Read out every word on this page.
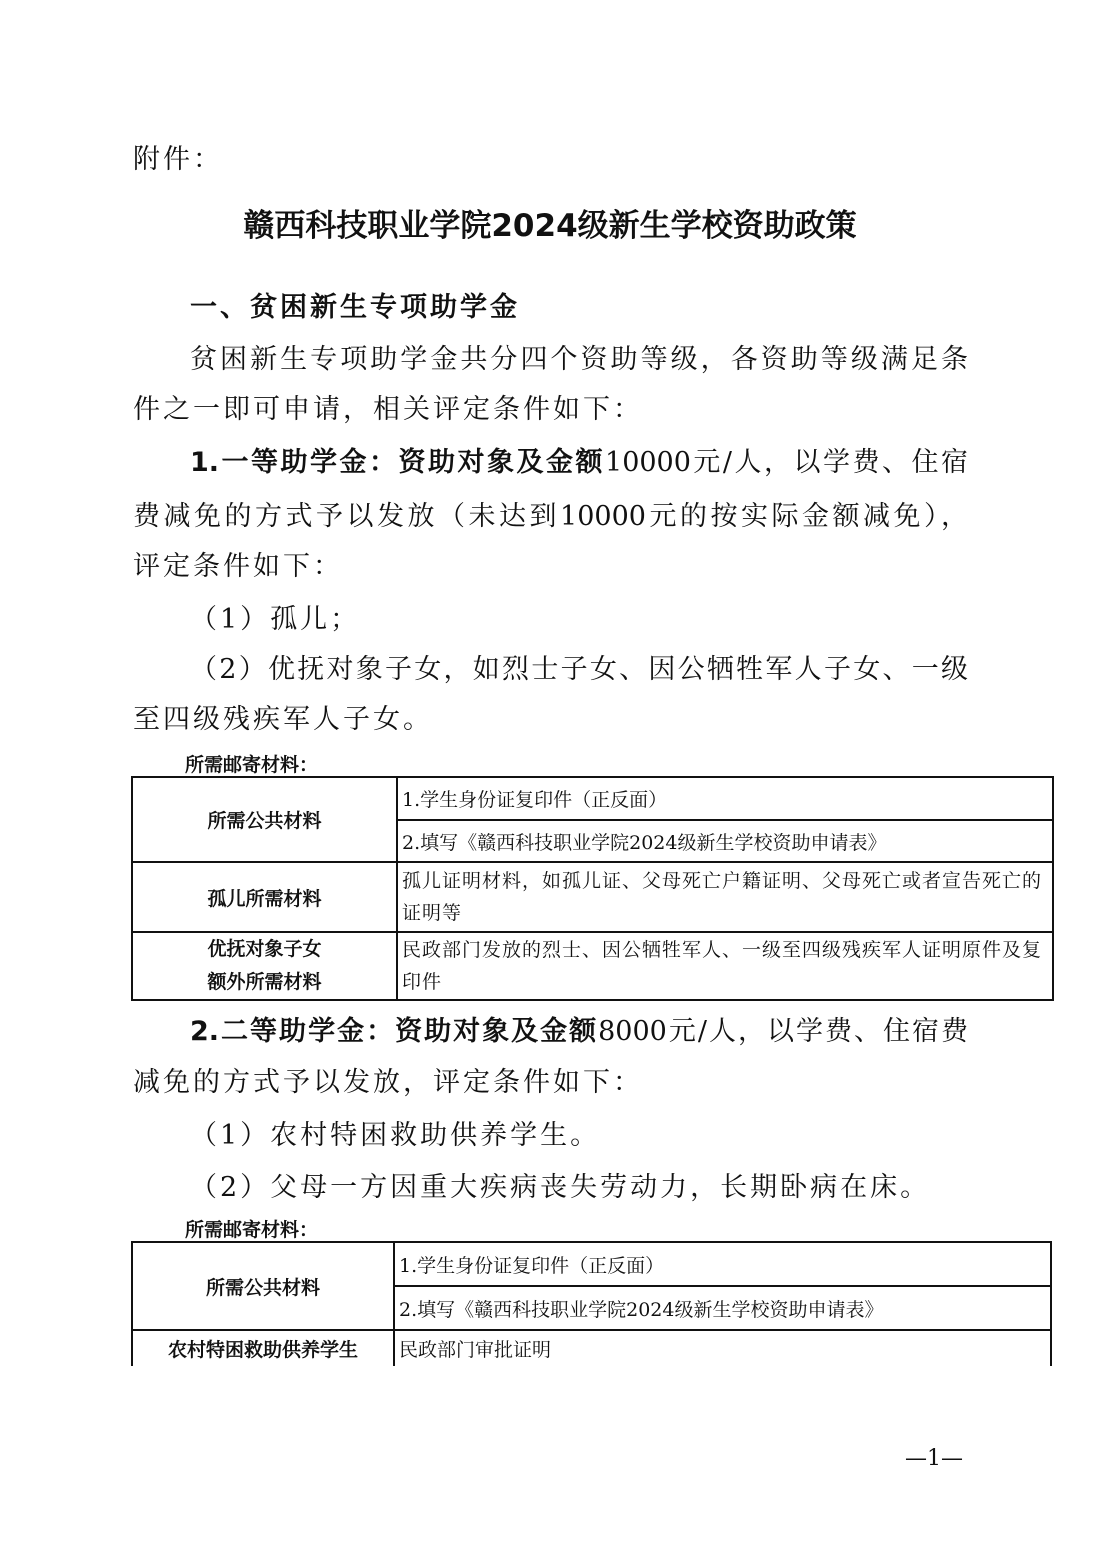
附件：
赣西科技职业学院2024级新生学校资助政策
一、贫困新生专项助学金
贫困新生专项助学金共分四个资助等级，各资助等级满足条
件之一即可申请，相关评定条件如下：
1.一等助学金：资助对象及金额10000元/人，以学费、住宿
费减免的方式予以发放（未达到10000元的按实际金额减免），
评定条件如下：
（1）孤儿；
（2）优抚对象子女，如烈士子女、因公牺牲军人子女、一级
至四级残疾军人子女。
所需邮寄材料：
所需公共材料	1.学生身份证复印件（正反面）
	2.填写《赣西科技职业学院2024级新生学校资助申请表》
孤儿所需材料	孤儿证明材料，如孤儿证、父母死亡户籍证明、父母死亡或者宣告死亡的证明等

优抚对象子女
额外所需材料	民政部门发放的烈士、因公牺牲军人、一级至四级残疾军人证明原件及复印件
2.二等助学金：资助对象及金额8000元/人，以学费、住宿费
减免的方式予以发放，评定条件如下：
（1）农村特困救助供养学生。
（2）父母一方因重大疾病丧失劳动力，长期卧病在床。
所需邮寄材料：
所需公共材料	1.学生身份证复印件（正反面）
	2.填写《赣西科技职业学院2024级新生学校资助申请表》
农村特困救助供养学生	民政部门审批证明
—1—
